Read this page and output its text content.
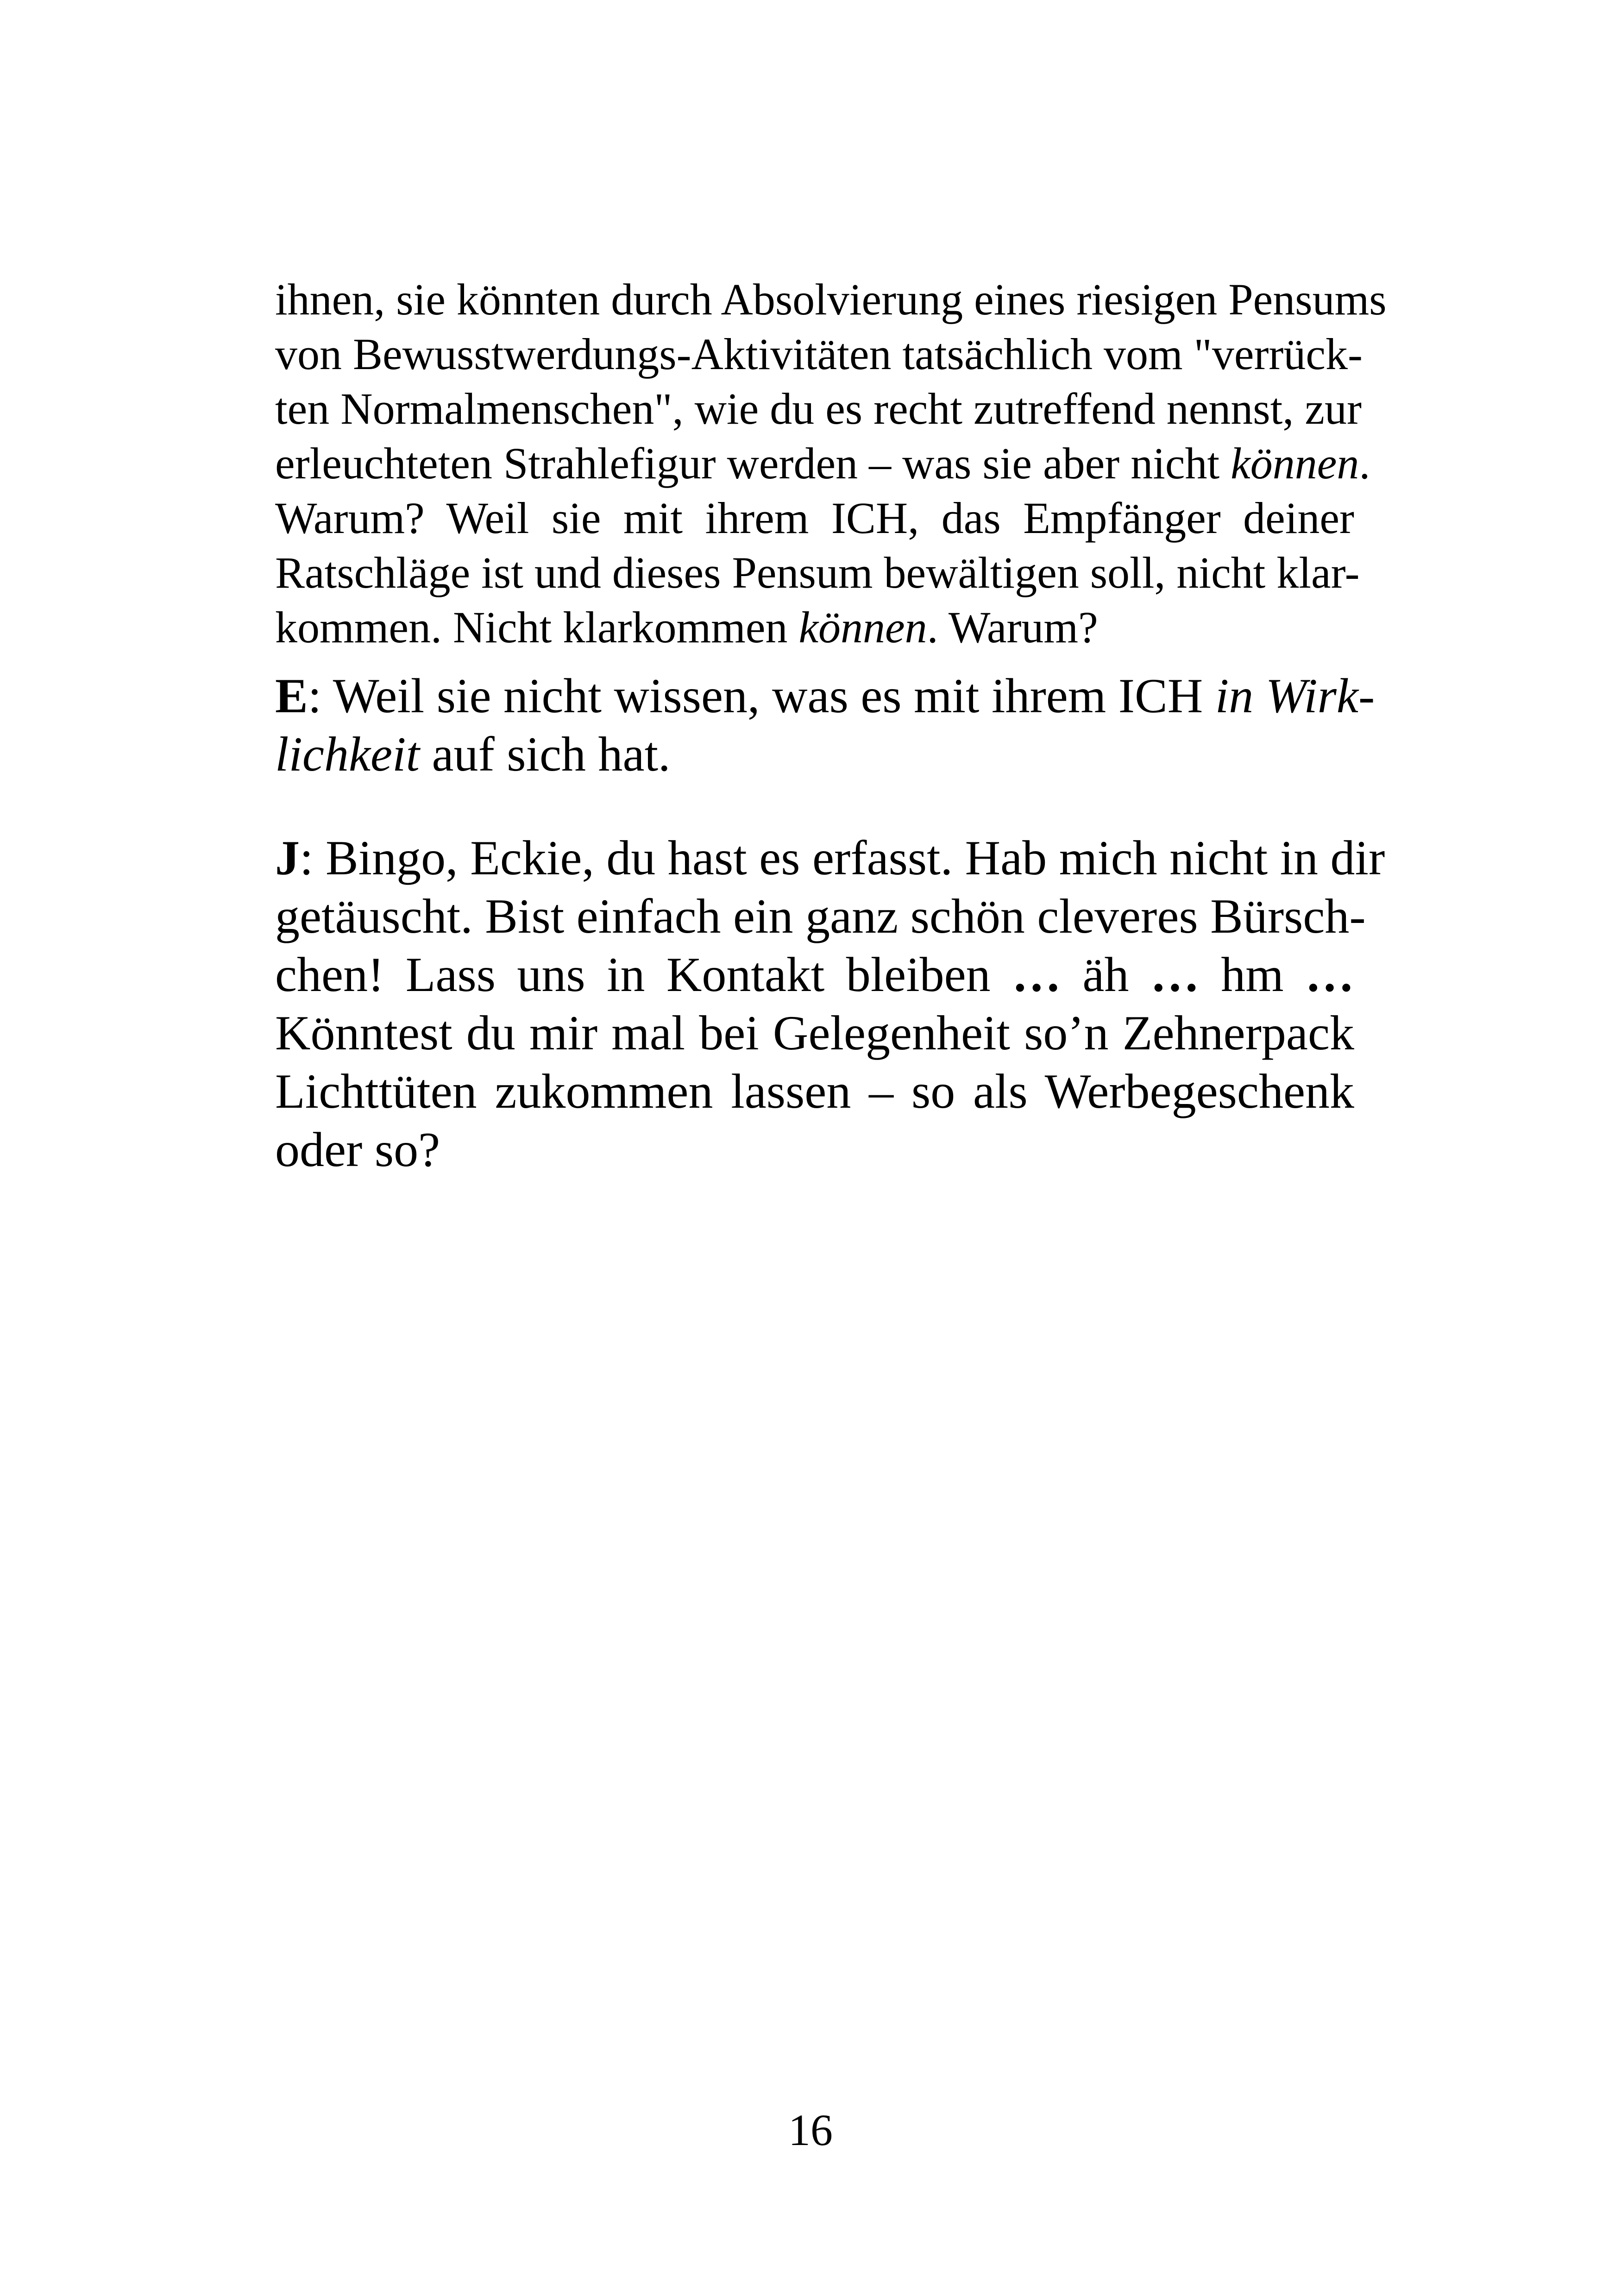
ihnen, sie könnten durch Absolvierung eines riesigen Pensums
von Bewusstwerdungs-Aktivitäten tatsächlich vom "verrück-
ten Normalmenschen", wie du es recht zutreffend nennst, zur
erleuchteten Strahlefigur werden – was sie aber nicht können.
Warum? Weil sie mit ihrem ICH, das Empfänger deiner
Ratschläge ist und dieses Pensum bewältigen soll, nicht klar-
kommen. Nicht klarkommen können. Warum?
E: Weil sie nicht wissen, was es mit ihrem ICH in Wirk-
lichkeit auf sich hat.
J: Bingo, Eckie, du hast es erfasst. Hab mich nicht in dir
getäuscht. Bist einfach ein ganz schön cleveres Bürsch-
chen! Lass uns in Kontakt bleiben … äh … hm …
Könntest du mir mal bei Gelegenheit so’n Zehnerpack
Lichttüten zukommen lassen – so als Werbegeschenk
oder so?
16
